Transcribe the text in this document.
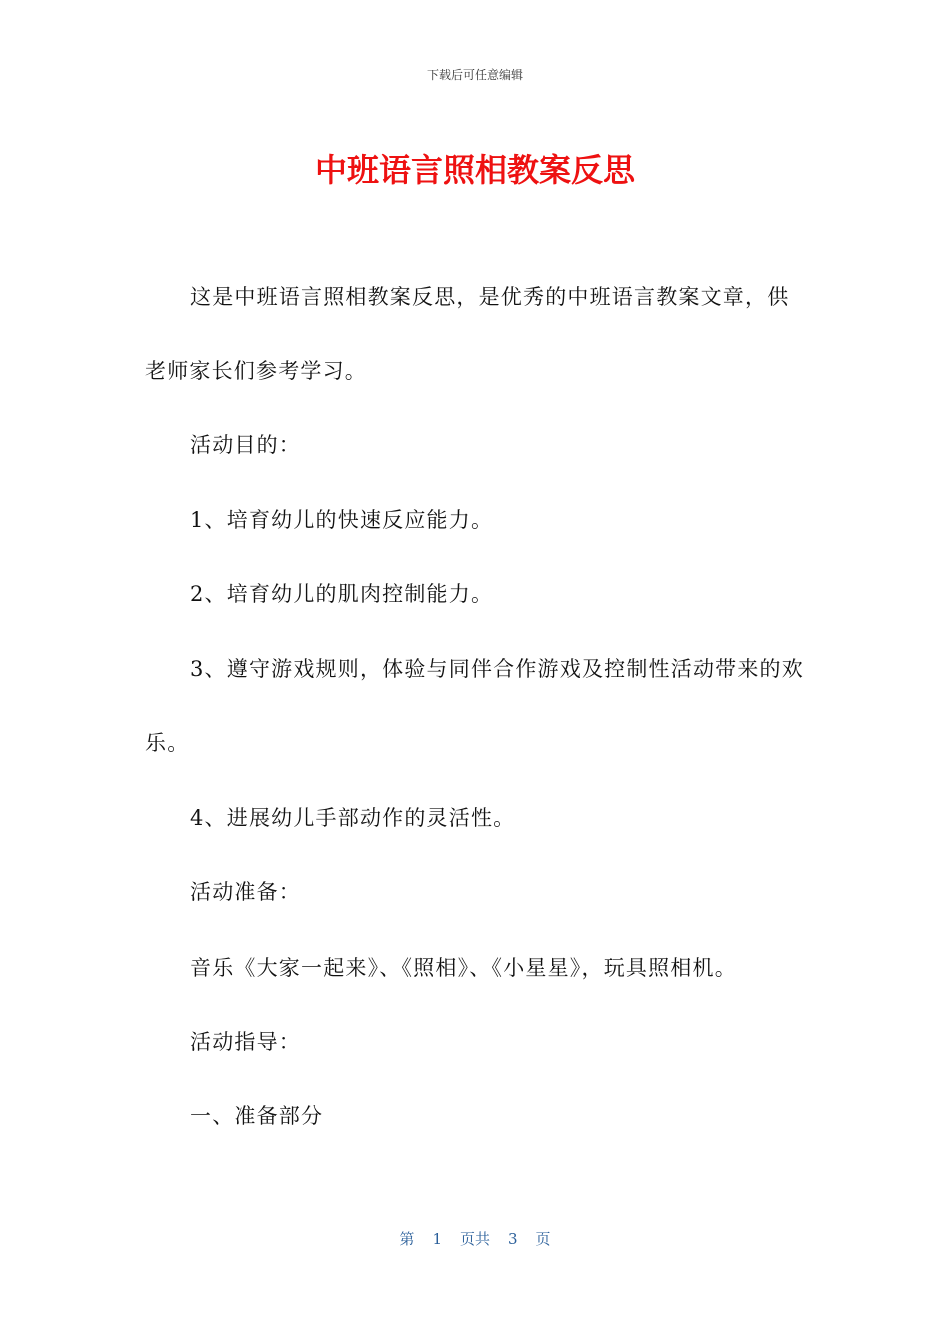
下载后可任意编辑
中班语言照相教案反思
这是中班语言照相教案反思，是优秀的中班语言教案文章，供
老师家长们参考学习。
活动目的：
1、培育幼儿的快速反应能力。
2、培育幼儿的肌肉控制能力。
3、遵守游戏规则，体验与同伴合作游戏及控制性活动带来的欢
乐。
4、进展幼儿手部动作的灵活性。
活动准备：
音乐《大家一起来》、《照相》、《小星星》，玩具照相机。
活动指导：
一、准备部分
第 1 页共 3 页
